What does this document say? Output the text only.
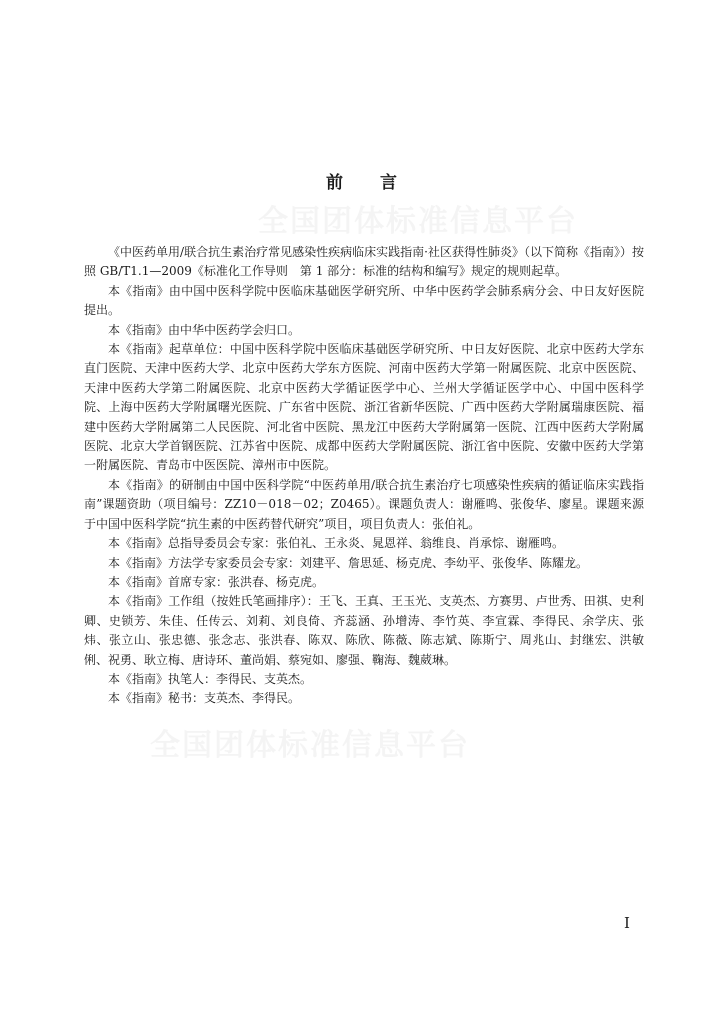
前 言

《中医药单用/联合抗生素治疗常见感染性疾病临床实践指南·社区获得性肺炎》（以下简称《指南》）按照 GB/T1.1—2009《标准化工作导则　第 1 部分：标准的结构和编写》规定的规则起草。

本《指南》由中国中医科学院中医临床基础医学研究所、中华中医药学会肺系病分会、中日友好医院提出。

本《指南》由中华中医药学会归口。

本《指南》起草单位：中国中医科学院中医临床基础医学研究所、中日友好医院、北京中医药大学东直门医院、天津中医药大学、北京中医药大学东方医院、河南中医药大学第一附属医院、北京中医医院、天津中医药大学第二附属医院、北京中医药大学循证医学中心、兰州大学循证医学中心、中国中医科学院、上海中医药大学附属曙光医院、广东省中医院、浙江省新华医院、广西中医药大学附属瑞康医院、福建中医药大学附属第二人民医院、河北省中医院、黑龙江中医药大学附属第一医院、江西中医药大学附属医院、北京大学首钢医院、江苏省中医院、成都中医药大学附属医院、浙江省中医院、安徽中医药大学第一附属医院、青岛市中医医院、漳州市中医院。

本《指南》的研制由中国中医科学院“中医药单用/联合抗生素治疗七项感染性疾病的循证临床实践指南”课题资助（项目编号：ZZ10－018－02；Z0465）。课题负责人：谢雁鸣、张俊华、廖星。课题来源于中国中医科学院“抗生素的中医药替代研究”项目，项目负责人：张伯礼。

本《指南》总指导委员会专家：张伯礼、王永炎、晁恩祥、翁维良、肖承悰、谢雁鸣。

本《指南》方法学专家委员会专家：刘建平、詹思延、杨克虎、李幼平、张俊华、陈耀龙。

本《指南》首席专家：张洪春、杨克虎。

本《指南》工作组（按姓氏笔画排序）：王飞、王真、王玉光、支英杰、方赛男、卢世秀、田祺、史利卿、史锁芳、朱佳、任传云、刘莉、刘良倚、齐蕊涵、孙增涛、李竹英、李宣霖、李得民、余学庆、张炜、张立山、张忠德、张念志、张洪春、陈双、陈欣、陈薇、陈志斌、陈斯宁、周兆山、封继宏、洪敏俐、祝勇、耿立梅、唐诗环、董尚娟、蔡宛如、廖强、鞠海、魏葳琳。

本《指南》执笔人：李得民、支英杰。

本《指南》秘书：支英杰、李得民。

I
